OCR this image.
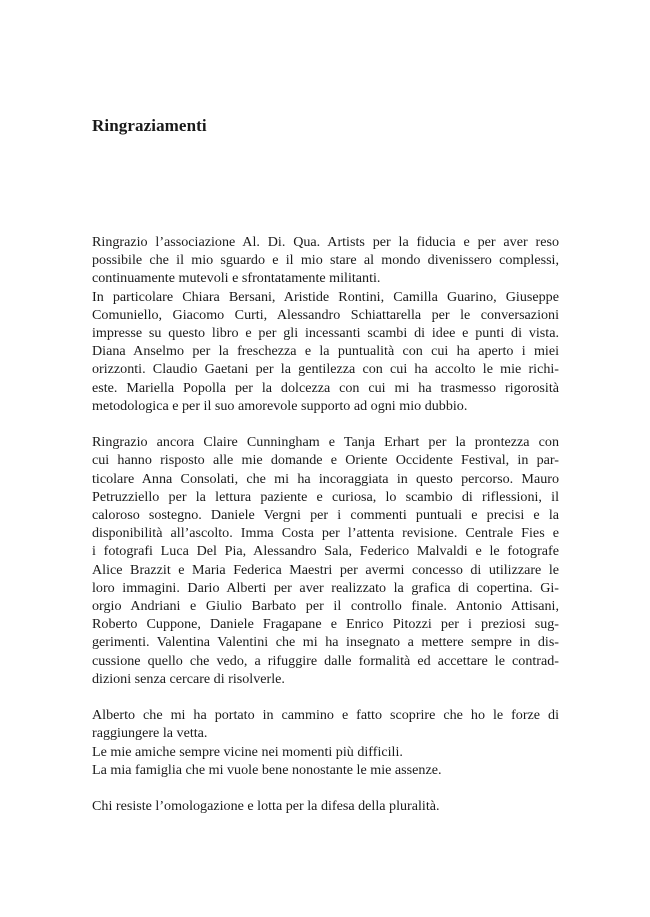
Ringraziamenti

Ringrazio l’associazione Al. Di. Qua. Artists per la fiducia e per aver reso
possibile che il mio sguardo e il mio stare al mondo divenissero complessi,
continuamente mutevoli e sfrontatamente militanti.

In particolare Chiara Bersani, Aristide Rontini, Camilla Guarino, Giuseppe
Comuniello, Giacomo Curti, Alessandro Schiattarella per le conversazioni
impresse su questo libro e per gli incessanti scambi di idee e punti di vista.
Diana Anselmo per la freschezza e la puntualità con cui ha aperto i miei
orizzonti. Claudio Gaetani per la gentilezza con cui ha accolto le mie richi-
este. Mariella Popolla per la dolcezza con cui mi ha trasmesso rigorosità
metodologica e per il suo amorevole supporto ad ogni mio dubbio.

Ringrazio ancora Claire Cunningham e Tanja Erhart per la prontezza con
cui hanno risposto alle mie domande e Oriente Occidente Festival, in par-
ticolare Anna Consolati, che mi ha incoraggiata in questo percorso. Mauro
Petruzziello per la lettura paziente e curiosa, lo scambio di riflessioni, il
caloroso sostegno. Daniele Vergni per i commenti puntuali e precisi e la
disponibilità all’ascolto. Imma Costa per l’attenta revisione. Centrale Fies e
i fotografi Luca Del Pia, Alessandro Sala, Federico Malvaldi e le fotografe
Alice Brazzit e Maria Federica Maestri per avermi concesso di utilizzare le
loro immagini. Dario Alberti per aver realizzato la grafica di copertina. Gi-
orgio Andriani e Giulio Barbato per il controllo finale. Antonio Attisani,
Roberto Cuppone, Daniele Fragapane e Enrico Pitozzi per i preziosi sug-
gerimenti. Valentina Valentini che mi ha insegnato a mettere sempre in dis-
cussione quello che vedo, a rifuggire dalle formalità ed accettare le contrad-
dizioni senza cercare di risolverle.

Alberto che mi ha portato in cammino e fatto scoprire che ho le forze di
raggiungere la vetta.

Le mie amiche sempre vicine nei momenti più difficili.

La mia famiglia che mi vuole bene nonostante le mie assenze.

Chi resiste l’omologazione e lotta per la difesa della pluralità.
